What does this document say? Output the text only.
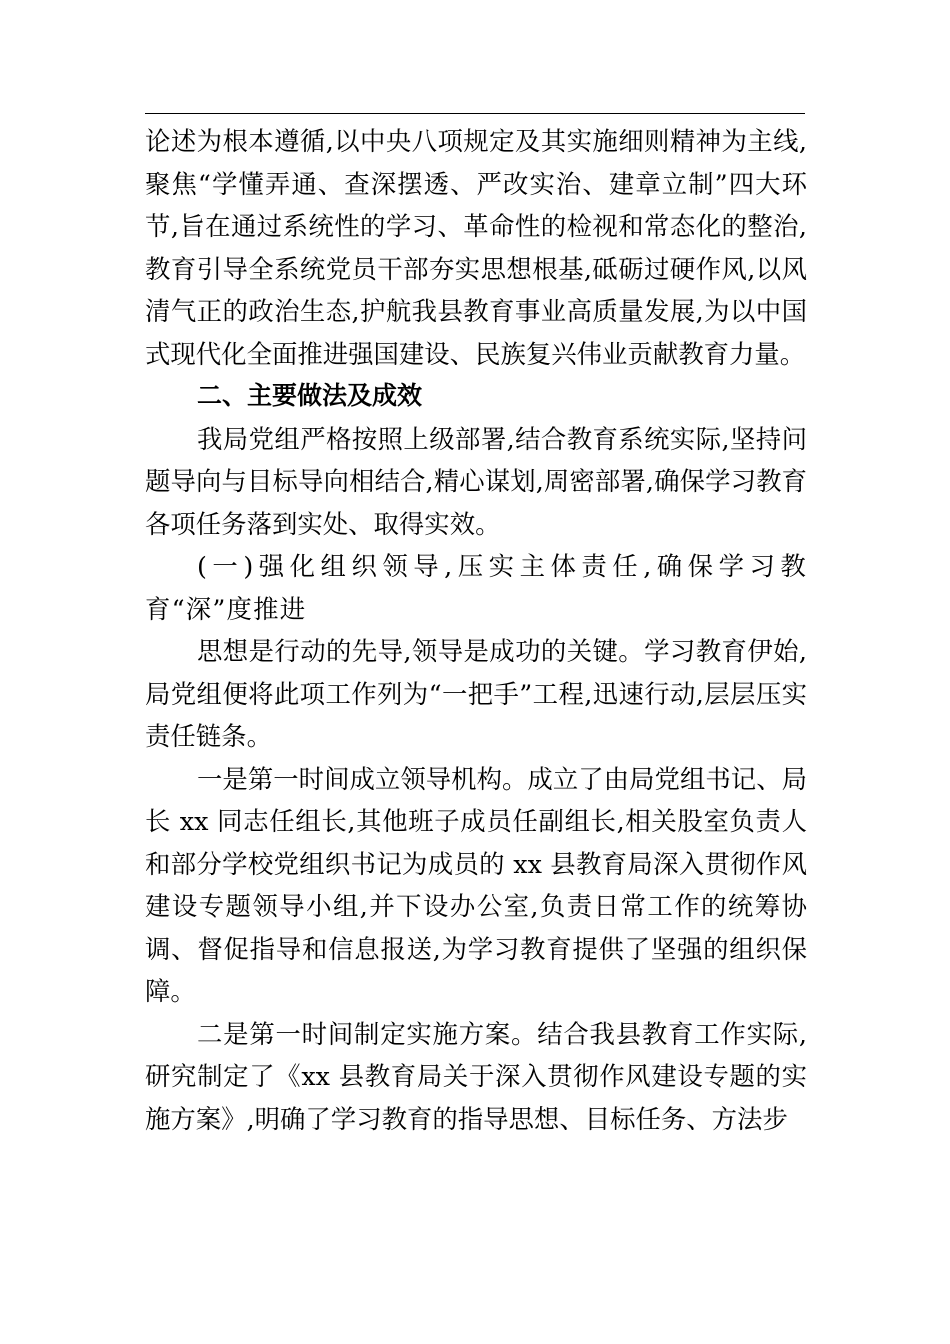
论述为根本遵循,以中央八项规定及其实施细则精神为主线,聚焦“学懂弄通、查深摆透、严改实治、建章立制”四大环节,旨在通过系统性的学习、革命性的检视和常态化的整治,教育引导全系统党员干部夯实思想根基,砥砺过硬作风,以风清气正的政治生态,护航我县教育事业高质量发展,为以中国式现代化全面推进强国建设、民族复兴伟业贡献教育力量。

二、主要做法及成效

我局党组严格按照上级部署,结合教育系统实际,坚持问题导向与目标导向相结合,精心谋划,周密部署,确保学习教育各项任务落到实处、取得实效。

(一)强化组织领导,压实主体责任,确保学习教育“深”度推进

思想是行动的先导,领导是成功的关键。学习教育伊始,局党组便将此项工作列为“一把手”工程,迅速行动,层层压实责任链条。

一是第一时间成立领导机构。成立了由局党组书记、局长 xx 同志任组长,其他班子成员任副组长,相关股室负责人和部分学校党组织书记为成员的 xx 县教育局深入贯彻作风建设专题领导小组,并下设办公室,负责日常工作的统筹协调、督促指导和信息报送,为学习教育提供了坚强的组织保障。

二是第一时间制定实施方案。结合我县教育工作实际,研究制定了《xx 县教育局关于深入贯彻作风建设专题的实施方案》,明确了学习教育的指导思想、目标任务、方法步
